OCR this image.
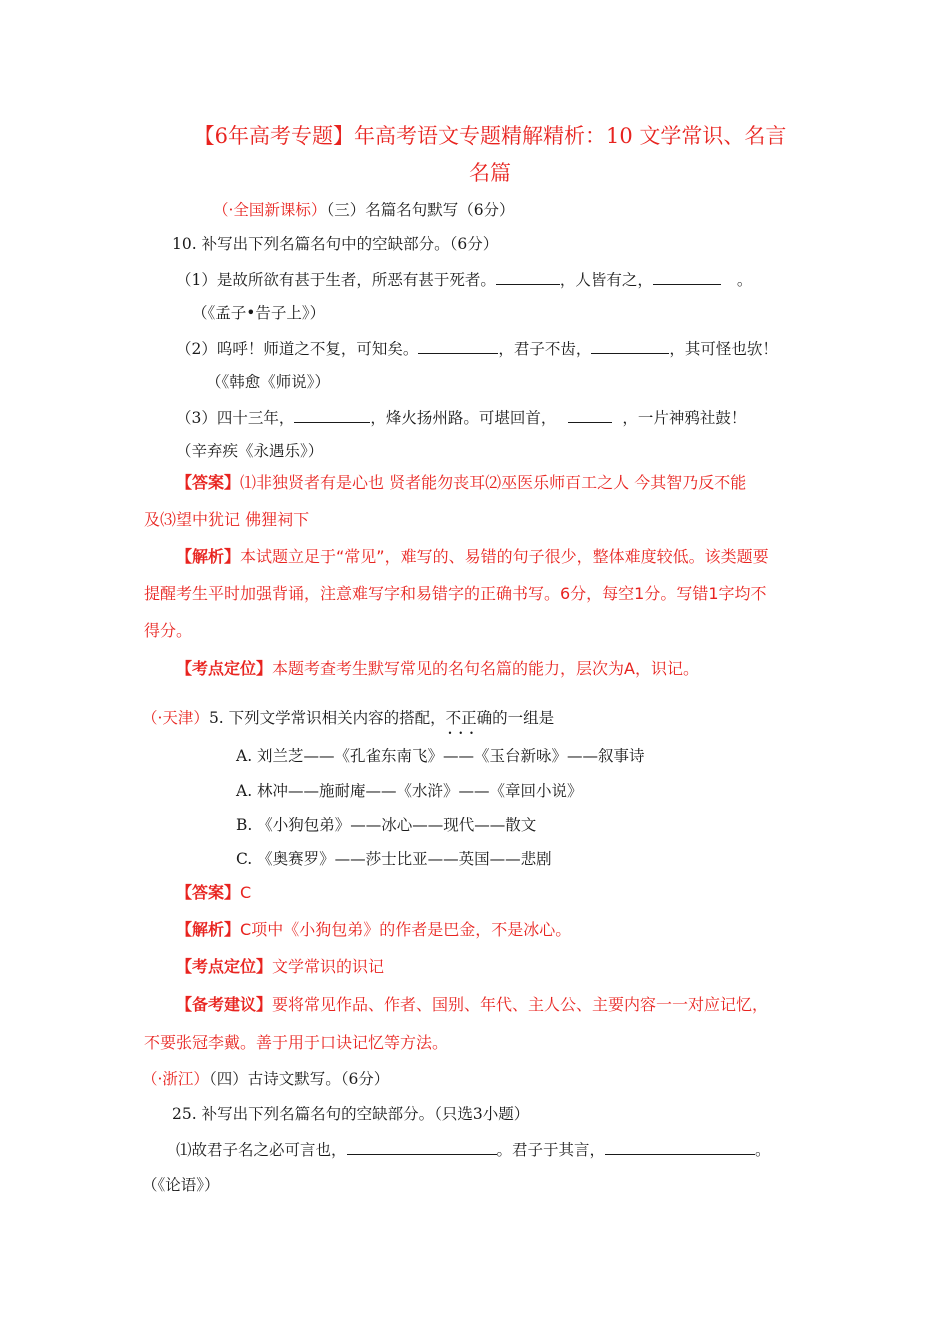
【6年高考专题】年高考语文专题精解精析：10 文学常识、名言
名篇
（·全国新课标）（三）名篇名句默写（6分）
10. 补写出下列名篇名句中的空缺部分。（6分）
（1）是故所欲有甚于生者，所恶有甚于死者。	，人皆有之，	。
（《孟子•告子上》）
（2）呜呼！师道之不复，可知矣。	，君子不齿，	，其可怪也欤！
（《韩愈《师说》）
（3）四十三年，	，烽火扬州路。可堪回首，	，一片神鸦社鼓！
（辛弃疾《永遇乐》）
【答案】⑴非独贤者有是心也 贤者能勿丧耳⑵巫医乐师百工之人 今其智乃反不能
及⑶望中犹记 佛狸祠下
【解析】本试题立足于“常见”，难写的、易错的句子很少，整体难度较低。该类题要
提醒考生平时加强背诵，注意难写字和易错字的正确书写。6分，每空1分。写错1字均不
得分。
【考点定位】本题考查考生默写常见的名句名篇的能力，层次为A，识记。
（·天津）5. 下列文学常识相关内容的搭配，不正确 •••的一组是
A. 刘兰芝——《孔雀东南飞》——《玉台新咏》——叙事诗
A. 林冲——施耐庵——《水浒》——《章回小说》
B. 《小狗包弟》——冰心——现代——散文
C. 《奥赛罗》——莎士比亚——英国——悲剧
【答案】C
【解析】C项中《小狗包弟》的作者是巴金，不是冰心。
【考点定位】文学常识的识记
【备考建议】要将常见作品、作者、国别、年代、主人公、主要内容一一对应记忆，
不要张冠李戴。善于用于口诀记忆等方法。
（·浙江）（四）古诗文默写。（6分）
25. 补写出下列名篇名句的空缺部分。（只选3小题）
⑴故君子名之必可言也，	。君子于其言，	。
（《论语》）
